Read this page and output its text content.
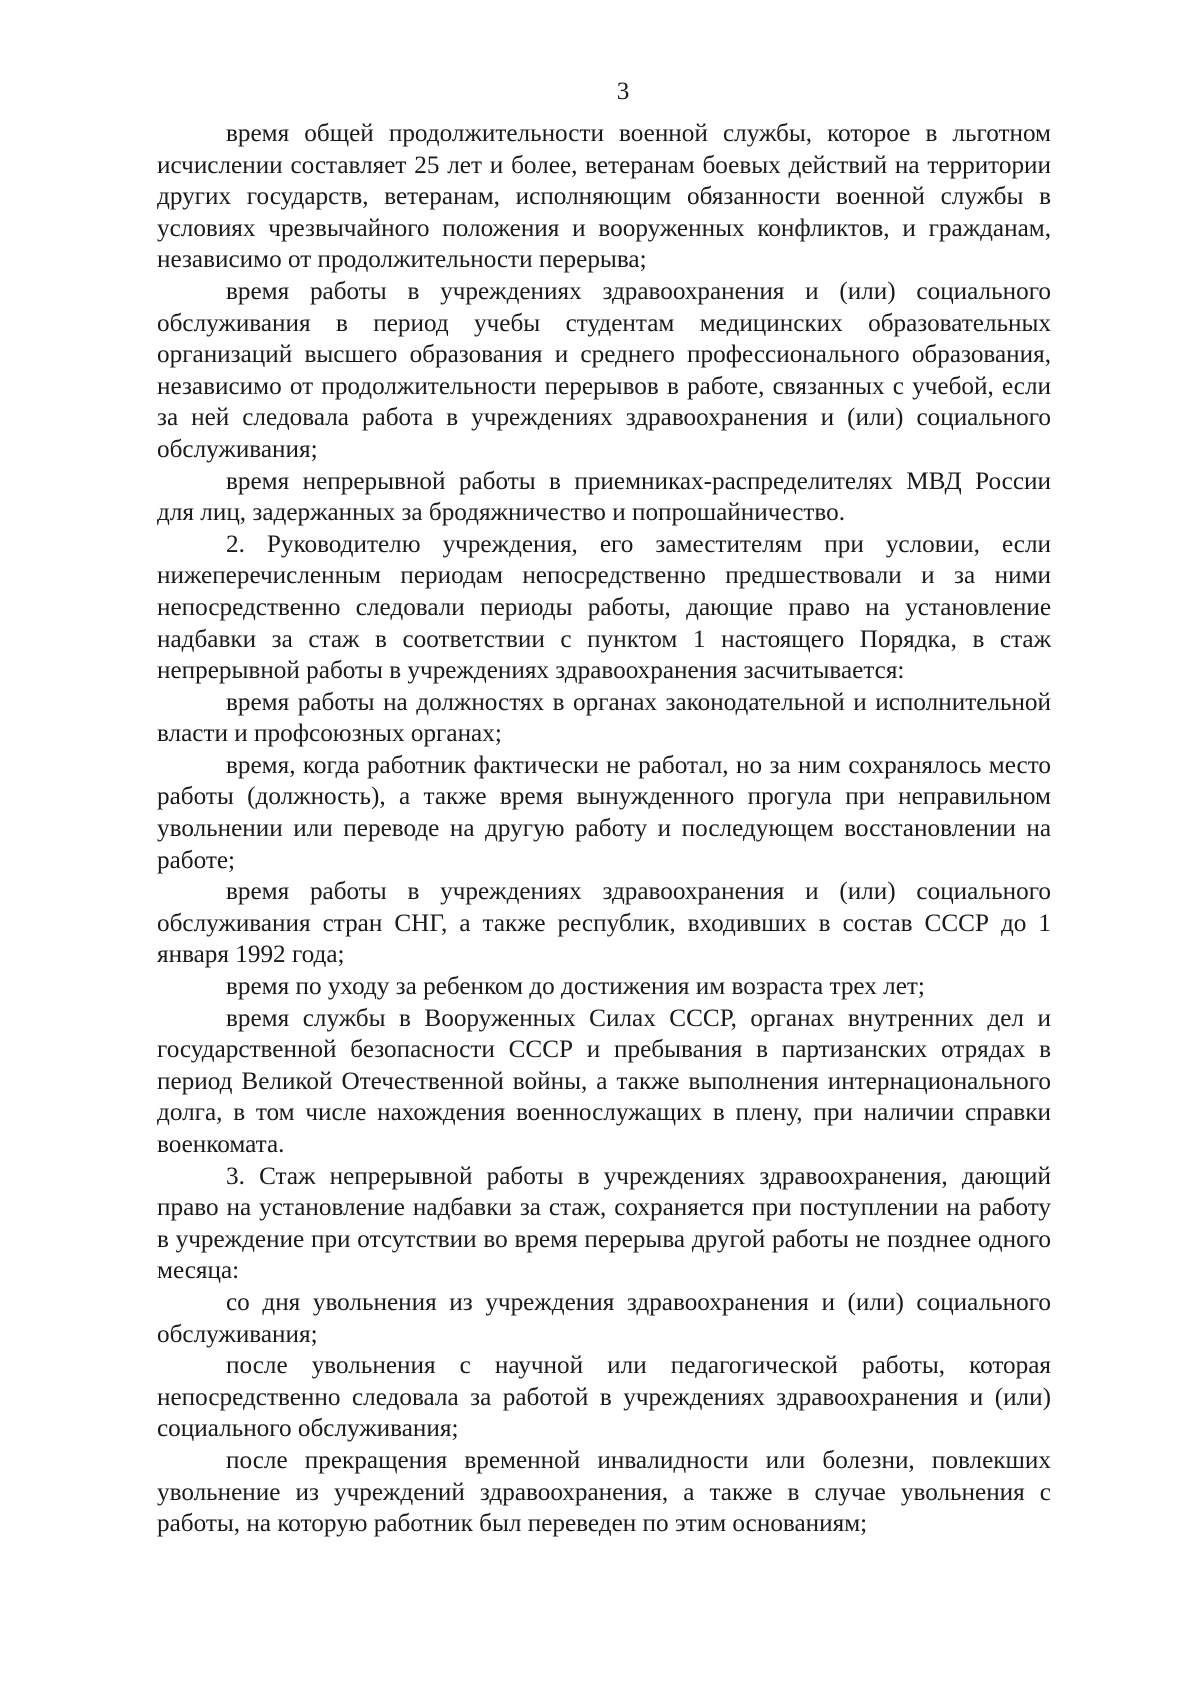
3

время общей продолжительности военной службы, которое в льготном исчислении составляет 25 лет и более, ветеранам боевых действий на территории других государств, ветеранам, исполняющим обязанности военной службы в условиях чрезвычайного положения и вооруженных конфликтов, и гражданам, независимо от продолжительности перерыва;

время работы в учреждениях здравоохранения и (или) социального обслуживания в период учебы студентам медицинских образовательных организаций высшего образования и среднего профессионального образования, независимо от продолжительности перерывов в работе, связанных с учебой, если за ней следовала работа в учреждениях здравоохранения и (или) социального обслуживания;

время непрерывной работы в приемниках-распределителях МВД России для лиц, задержанных за бродяжничество и попрошайничество.

2. Руководителю учреждения, его заместителям при условии, если нижеперечисленным периодам непосредственно предшествовали и за ними непосредственно следовали периоды работы, дающие право на установление надбавки за стаж в соответствии с пунктом 1 настоящего Порядка, в стаж непрерывной работы в учреждениях здравоохранения засчитывается:

время работы на должностях в органах законодательной и исполнительной власти и профсоюзных органах;

время, когда работник фактически не работал, но за ним сохранялось место работы (должность), а также время вынужденного прогула при неправильном увольнении или переводе на другую работу и последующем восстановлении на работе;

время работы в учреждениях здравоохранения и (или) социального обслуживания стран СНГ, а также республик, входивших в состав СССР до 1 января 1992 года;

время по уходу за ребенком до достижения им возраста трех лет;

время службы в Вооруженных Силах СССР, органах внутренних дел и государственной безопасности СССР и пребывания в партизанских отрядах в период Великой Отечественной войны, а также выполнения интернационального долга, в том числе нахождения военнослужащих в плену, при наличии справки военкомата.

3. Стаж непрерывной работы в учреждениях здравоохранения, дающий право на установление надбавки за стаж, сохраняется при поступлении на работу в учреждение при отсутствии во время перерыва другой работы не позднее одного месяца:

со дня увольнения из учреждения здравоохранения и (или) социального обслуживания;

после увольнения с научной или педагогической работы, которая непосредственно следовала за работой в учреждениях здравоохранения и (или) социального обслуживания;

после прекращения временной инвалидности или болезни, повлекших увольнение из учреждений здравоохранения, а также в случае увольнения с работы, на которую работник был переведен по этим основаниям;
